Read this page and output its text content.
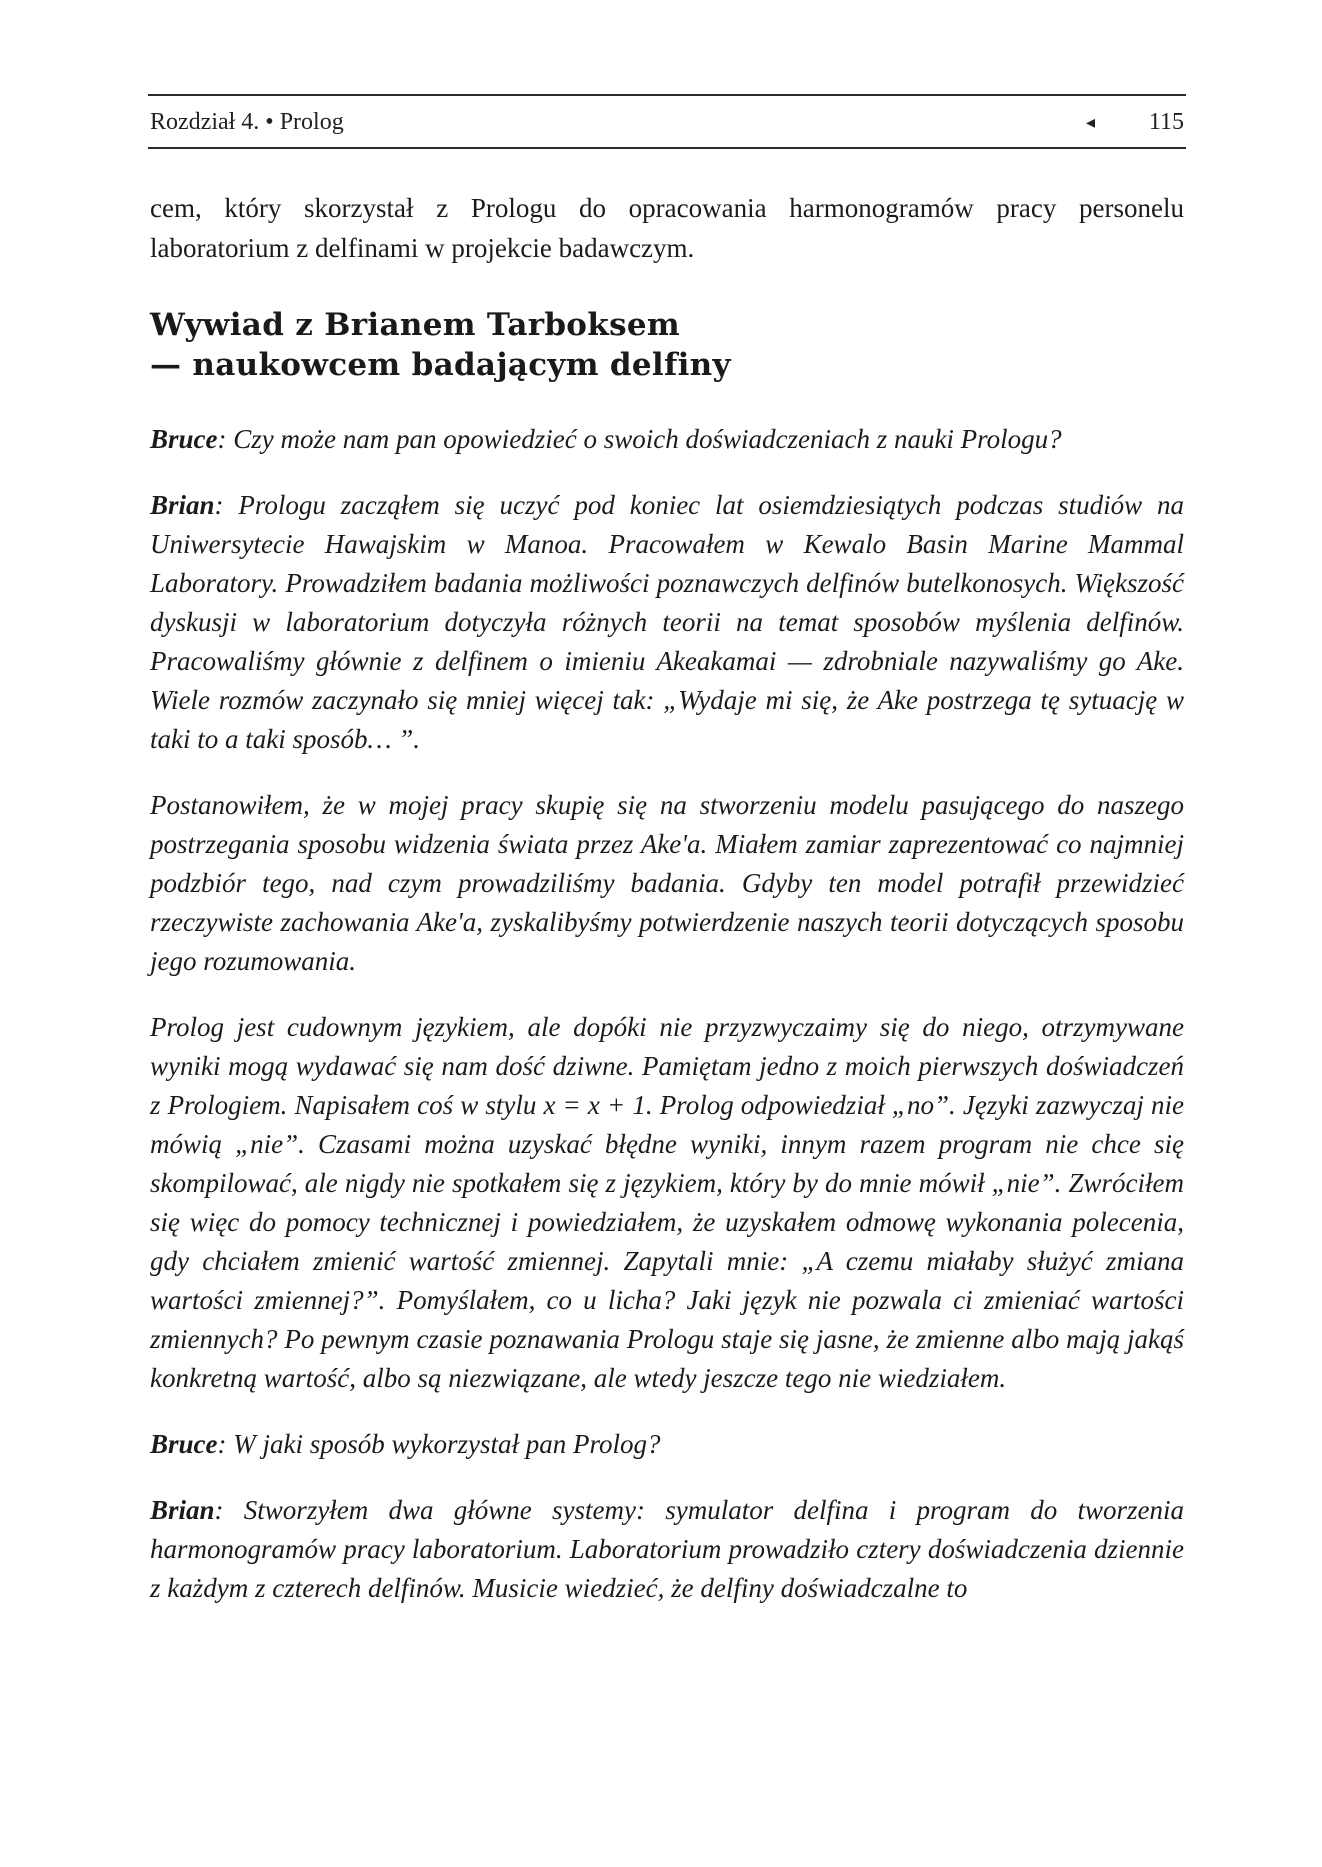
Rozdział 4. • Prolog	◂ 115

cem, który skorzystał z Prologu do opracowania harmonogramów pracy personelu laboratorium z delfinami w projekcie badawczym.

Wywiad z Brianem Tarboksem
— naukowcem badającym delfiny

Bruce: Czy może nam pan opowiedzieć o swoich doświadczeniach z nauki Prologu?

Brian: Prologu zacząłem się uczyć pod koniec lat osiemdziesiątych podczas studiów na Uniwersytecie Hawajskim w Manoa. Pracowałem w Kewalo Basin Marine Mammal Laboratory. Prowadziłem badania możliwości poznawczych delfinów butelkonosych. Większość dyskusji w laboratorium dotyczyła różnych teorii na temat sposobów myślenia delfinów. Pracowaliśmy głównie z delfinem o imieniu Akeakamai — zdrobniale nazywaliśmy go Ake. Wiele rozmów zaczynało się mniej więcej tak: „Wydaje mi się, że Ake postrzega tę sytuację w taki to a taki sposób… ”.

Postanowiłem, że w mojej pracy skupię się na stworzeniu modelu pasującego do naszego postrzegania sposobu widzenia świata przez Ake'a. Miałem zamiar zaprezentować co najmniej podzbiór tego, nad czym prowadziliśmy badania. Gdyby ten model potrafił przewidzieć rzeczywiste zachowania Ake'a, zyskalibyśmy potwierdzenie naszych teorii dotyczących sposobu jego rozumowania.

Prolog jest cudownym językiem, ale dopóki nie przyzwyczaimy się do niego, otrzymywane wyniki mogą wydawać się nam dość dziwne. Pamiętam jedno z moich pierwszych doświadczeń z Prologiem. Napisałem coś w stylu x = x + 1. Prolog odpowiedział „no”. Języki zazwyczaj nie mówią „nie”. Czasami można uzyskać błędne wyniki, innym razem program nie chce się skompilować, ale nigdy nie spotkałem się z językiem, który by do mnie mówił „nie”. Zwróciłem się więc do pomocy technicznej i powiedziałem, że uzyskałem odmowę wykonania polecenia, gdy chciałem zmienić wartość zmiennej. Zapytali mnie: „A czemu miałaby służyć zmiana wartości zmiennej?”. Pomyślałem, co u licha? Jaki język nie pozwala ci zmieniać wartości zmiennych? Po pewnym czasie poznawania Prologu staje się jasne, że zmienne albo mają jakąś konkretną wartość, albo są niezwiązane, ale wtedy jeszcze tego nie wiedziałem.

Bruce: W jaki sposób wykorzystał pan Prolog?

Brian: Stworzyłem dwa główne systemy: symulator delfina i program do tworzenia harmonogramów pracy laboratorium. Laboratorium prowadziło cztery doświadczenia dziennie z każdym z czterech delfinów. Musicie wiedzieć, że delfiny doświadczalne to
